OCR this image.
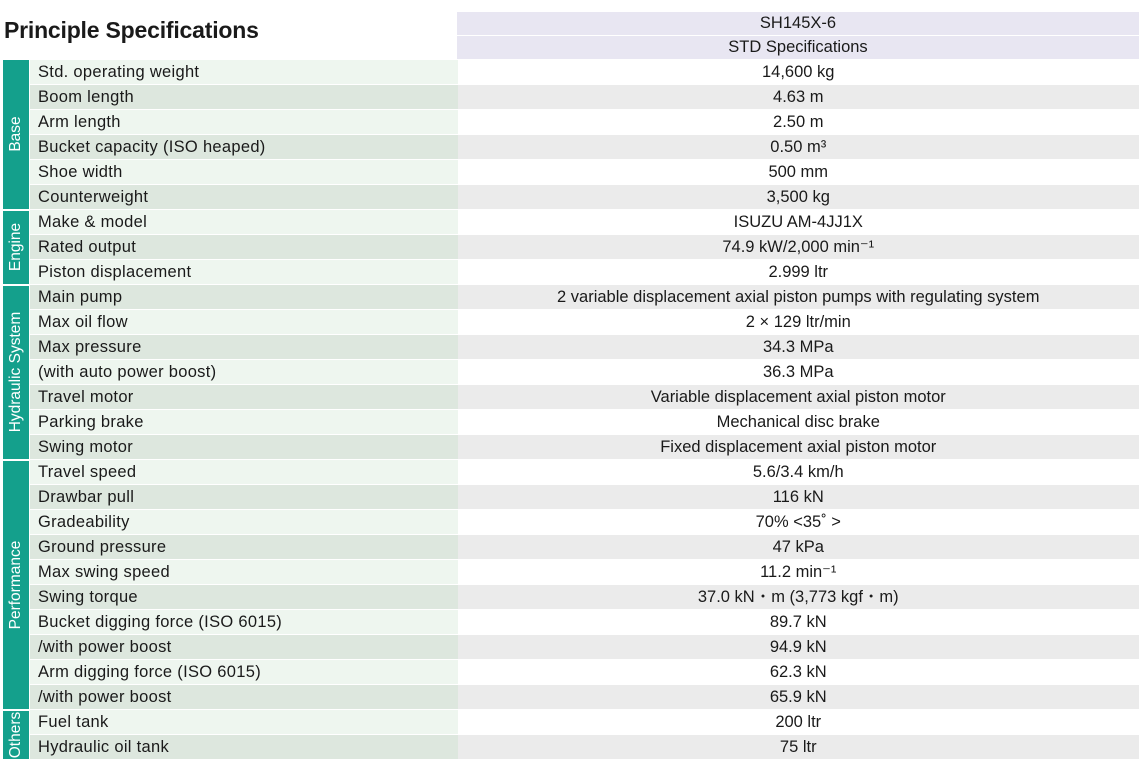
Principle Specifications	SH145X-6
STD Specifications
Base	Std. operating weight	14,600 kg
	Boom length	4.63 m
	Arm length	2.50 m
	Bucket capacity (ISO heaped)	0.50 m³
	Shoe width	500 mm
	Counterweight	3,500 kg

Engine	Make & model	ISUZU AM-4JJ1X
	Rated output	74.9 kW/2,000 min⁻¹
	Piston displacement	2.999 ltr

Hydraulic System	Main pump	2 variable displacement axial piston pumps with regulating system
	Max oil flow	2 × 129 ltr/min
	Max pressure	34.3 MPa
	(with auto power boost)	36.3 MPa
	Travel motor	Variable displacement axial piston motor
	Parking brake	Mechanical disc brake
	Swing motor	Fixed displacement axial piston motor

Performance	Travel speed	5.6/3.4 km/h
	Drawbar pull	116 kN
	Gradeability	70% <35˚ >
	Ground pressure	47 kPa
	Max swing speed	11.2 min⁻¹
	Swing torque	37.0 kN・m (3,773 kgf・m)
	Bucket digging force (ISO 6015)	89.7 kN
	/with power boost	94.9 kN
	Arm digging force (ISO 6015)	62.3 kN
	/with power boost	65.9 kN

Others	Fuel tank	200 ltr
	Hydraulic oil tank	75 ltr
